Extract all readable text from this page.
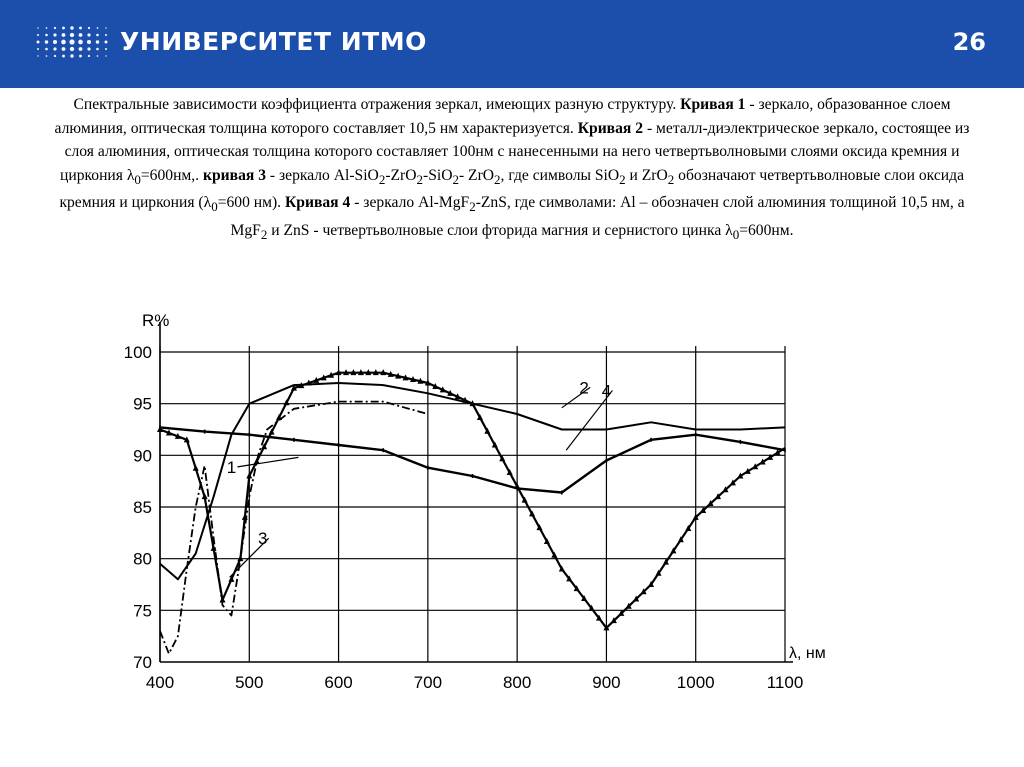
УНИВЕРСИТЕТ ИТМО	26
Спектральные зависимости коэффициента отражения зеркал, имеющих разную структуру. Кривая 1 - зеркало, образованное слоем алюминия, оптическая толщина которого составляет 10,5 нм характеризуется. Кривая 2 - металл-диэлектрическое зеркало, состоящее из слоя алюминия, оптическая толщина которого составляет 100нм с нанесенными на него четвертьволновыми слоями оксида кремния и циркония $\lambda_0=600нм$,. кривая 3 - зеркало Al-SiO$_2$-ZrO$_2$-SiO$_2$- ZrO$_2$, где символы SiO$_2$ и ZrO$_2$ обозначают четвертьволновые слои оксида кремния и циркония ($\lambda_0=600$ нм). Кривая 4 - зеркало Al-MgF$_2$-ZnS, где символами: Al – обозначен слой алюминия толщиной 10,5 нм, а MgF$_2$ и ZnS - четвертьволновые слои фторида магния и сернистого цинка $\lambda_0=600нм$.
400	500	600	700	800	900	1000	1100
70
75
80
85
90
95
100
R%
λ, нм
1
2
3
4
